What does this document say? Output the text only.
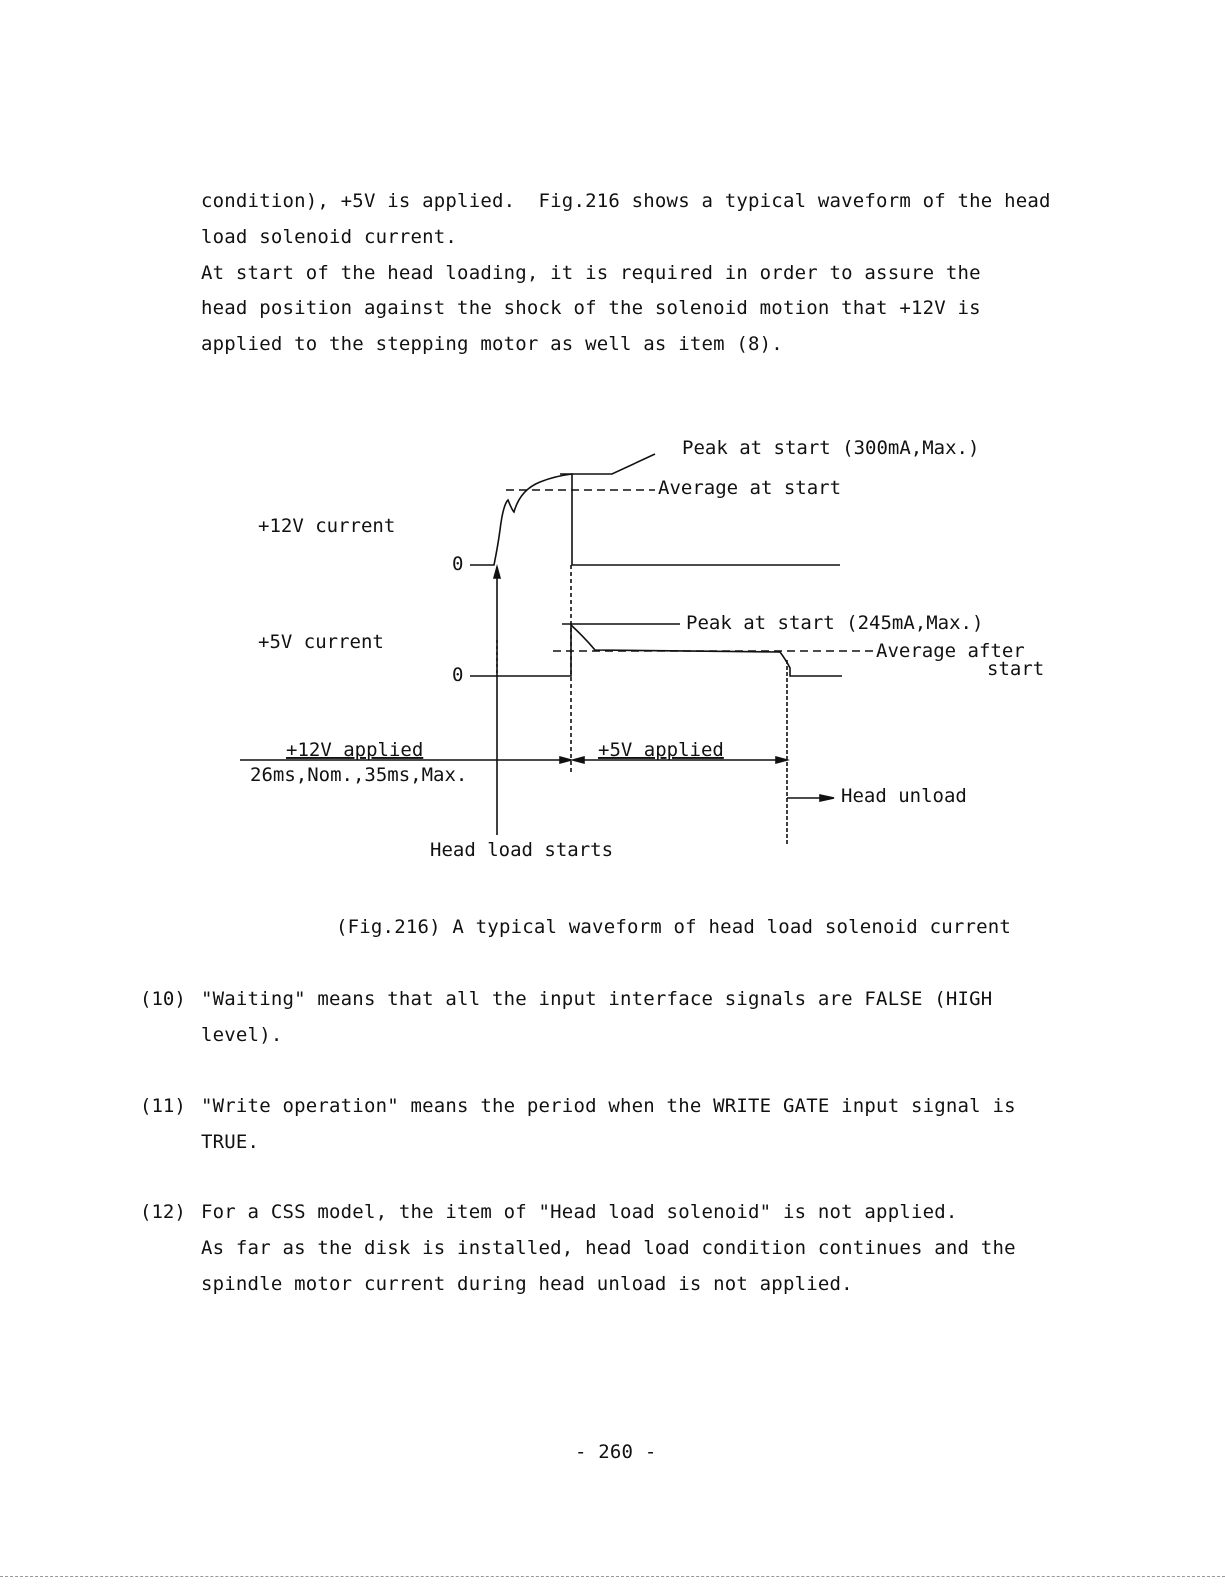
condition), +5V is applied.  Fig.216 shows a typical waveform of the head
load solenoid current.
At start of the head loading, it is required in order to assure the
head position against the shock of the solenoid motion that +12V is
applied to the stepping motor as well as item (8).
+12V current
+5V current
0
0
Peak at start (300mA,Max.)
Average at start
Peak at start (245mA,Max.)
Average after
start
+12V applied
26ms,Nom.,35ms,Max.
+5V applied
Head unload
Head load starts
(Fig.216) A typical waveform of head load solenoid current
(10) "Waiting" means that all the input interface signals are FALSE (HIGH
level).
(11) "Write operation" means the period when the WRITE GATE input signal is
TRUE.
(12) For a CSS model, the item of "Head load solenoid" is not applied.
As far as the disk is installed, head load condition continues and the
spindle motor current during head unload is not applied.
- 260 -
